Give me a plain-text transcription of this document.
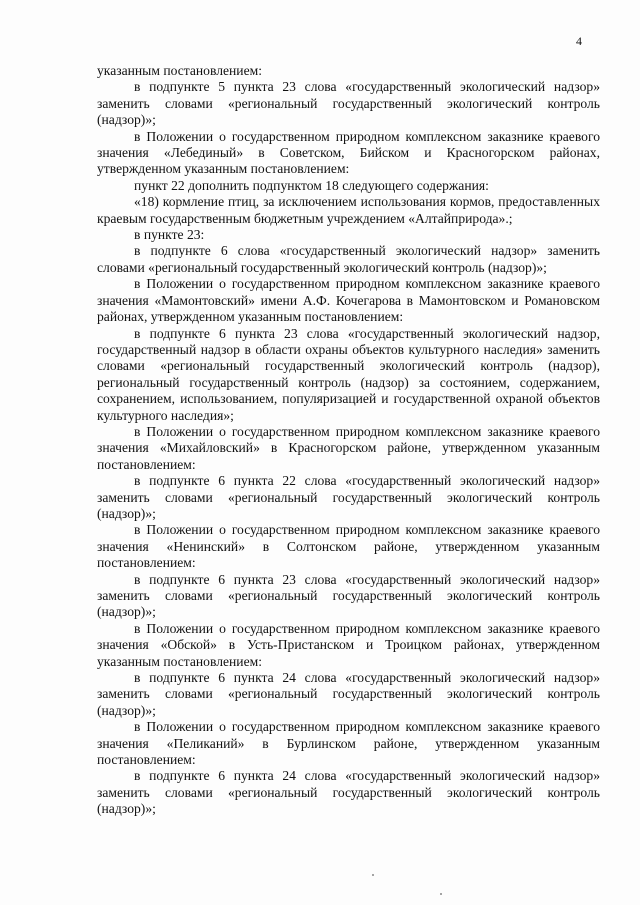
4

указанным постановлением:

в подпункте 5 пункта 23 слова «государственный экологический надзор» заменить словами «региональный государственный экологический контроль (надзор)»;

в Положении о государственном природном комплексном заказнике краевого значения «Лебединый» в Советском, Бийском и Красногорском районах, утвержденном указанным постановлением:

пункт 22 дополнить подпунктом 18 следующего содержания:

«18) кормление птиц, за исключением использования кормов, предоставленных краевым государственным бюджетным учреждением «Алтайприрода».;

в пункте 23:

в подпункте 6 слова «государственный экологический надзор» заменить словами «региональный государственный экологический контроль (надзор)»;

в Положении о государственном природном комплексном заказнике краевого значения «Мамонтовский» имени А.Ф. Кочегарова в Мамонтовском и Романовском районах, утвержденном указанным постановлением:

в подпункте 6 пункта 23 слова «государственный экологический надзор, государственный надзор в области охраны объектов культурного наследия» заменить словами «региональный государственный экологический контроль (надзор), региональный государственный контроль (надзор) за состоянием, содержанием, сохранением, использованием, популяризацией и государственной охраной объектов культурного наследия»;

в Положении о государственном природном комплексном заказнике краевого значения «Михайловский» в Красногорском районе, утвержденном указанным постановлением:

в подпункте 6 пункта 22 слова «государственный экологический надзор» заменить словами «региональный государственный экологический контроль (надзор)»;

в Положении о государственном природном комплексном заказнике краевого значения «Ненинский» в Солтонском районе, утвержденном указанным постановлением:

в подпункте 6 пункта 23 слова «государственный экологический надзор» заменить словами «региональный государственный экологический контроль (надзор)»;

в Положении о государственном природном комплексном заказнике краевого значения «Обской» в Усть-Пристанском и Троицком районах, утвержденном указанным постановлением:

в подпункте 6 пункта 24 слова «государственный экологический надзор» заменить словами «региональный государственный экологический контроль (надзор)»;

в Положении о государственном природном комплексном заказнике краевого значения «Пеликаний» в Бурлинском районе, утвержденном указанным постановлением:

в подпункте 6 пункта 24 слова «государственный экологический надзор» заменить словами «региональный государственный экологический контроль (надзор)»;
